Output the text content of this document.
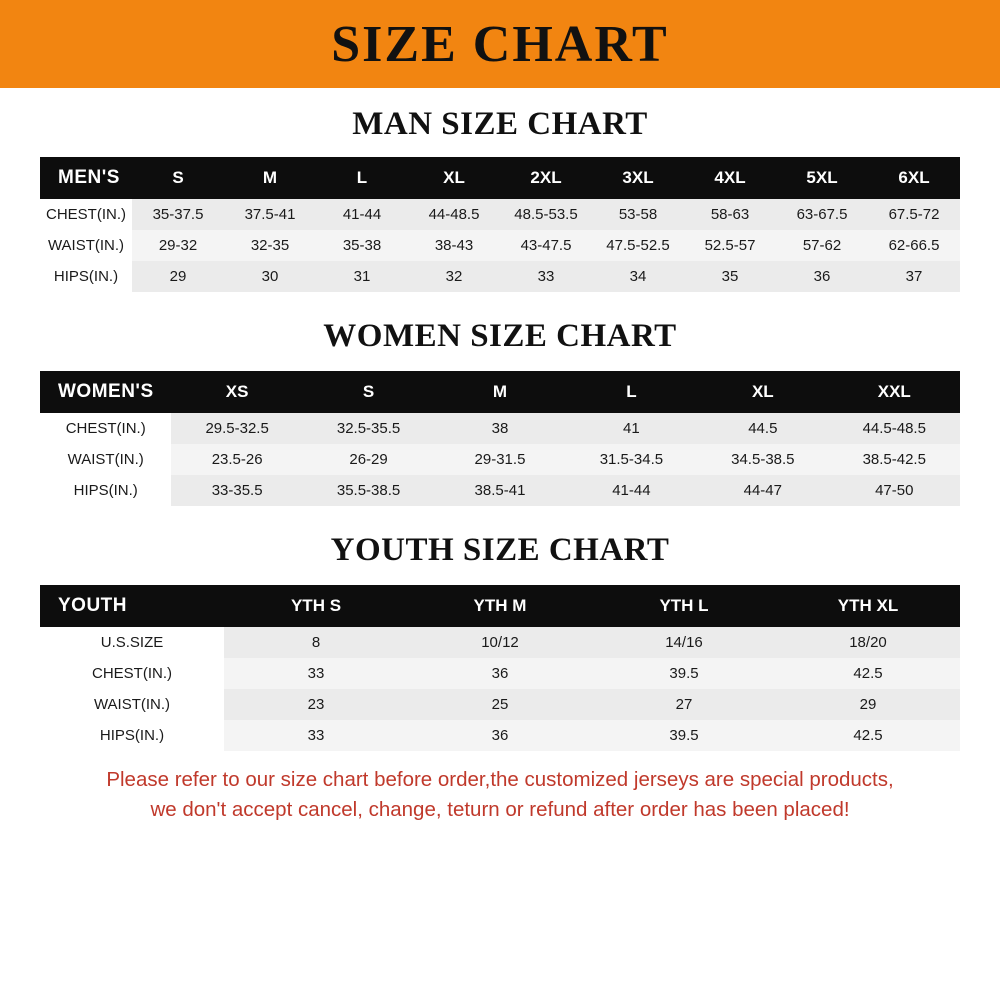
SIZE CHART
MAN SIZE CHART
MEN'S	S	M	L	XL	2XL	3XL	4XL	5XL	6XL
CHEST(IN.)	35-37.5	37.5-41	41-44	44-48.5	48.5-53.5	53-58	58-63	63-67.5	67.5-72
WAIST(IN.)	29-32	32-35	35-38	38-43	43-47.5	47.5-52.5	52.5-57	57-62	62-66.5
HIPS(IN.)	29	30	31	32	33	34	35	36	37
WOMEN SIZE CHART
WOMEN'S	XS	S	M	L	XL	XXL
CHEST(IN.)	29.5-32.5	32.5-35.5	38	41	44.5	44.5-48.5
WAIST(IN.)	23.5-26	26-29	29-31.5	31.5-34.5	34.5-38.5	38.5-42.5
HIPS(IN.)	33-35.5	35.5-38.5	38.5-41	41-44	44-47	47-50
YOUTH SIZE CHART
YOUTH	YTH S	YTH M	YTH L	YTH XL
U.S.SIZE	8	10/12	14/16	18/20
CHEST(IN.)	33	36	39.5	42.5
WAIST(IN.)	23	25	27	29
HIPS(IN.)	33	36	39.5	42.5
Please refer to our size chart before order,the customized jerseys are special products,
we don't accept cancel, change, teturn or refund after order has been placed!
